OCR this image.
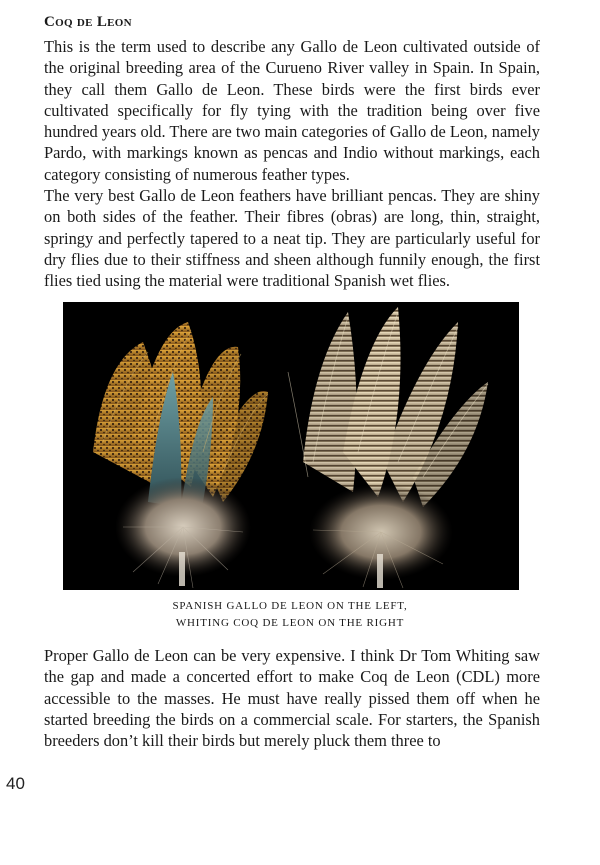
Coq de Leon

This is the term used to describe any Gallo de Leon cultivated outside of the original breeding area of the Curueno River valley in Spain. In Spain, they call them Gallo de Leon. These birds were the first birds ever cultivated specifically for fly tying with the tradition being over five hundred years old. There are two main categories of Gallo de Leon, namely Pardo, with markings known as pencas and Indio without markings, each category consisting of numerous feather types.

The very best Gallo de Leon feathers have brilliant pencas. They are shiny on both sides of the feather. Their fibres (obras) are long, thin, straight, springy and perfectly tapered to a neat tip. They are particularly useful for dry flies due to their stiffness and sheen although funnily enough, the first flies tied using the material were traditional Spanish wet flies.

SPANISH GALLO DE LEON ON THE LEFT,
WHITING COQ DE LEON ON THE RIGHT

Proper Gallo de Leon can be very expensive. I think Dr Tom Whiting saw the gap and made a concerted effort to make Coq de Leon (CDL) more accessible to the masses. He must have really pissed them off when he started breeding the birds on a commercial scale. For starters, the Spanish breeders don’t kill their birds but merely pluck them three to

40
